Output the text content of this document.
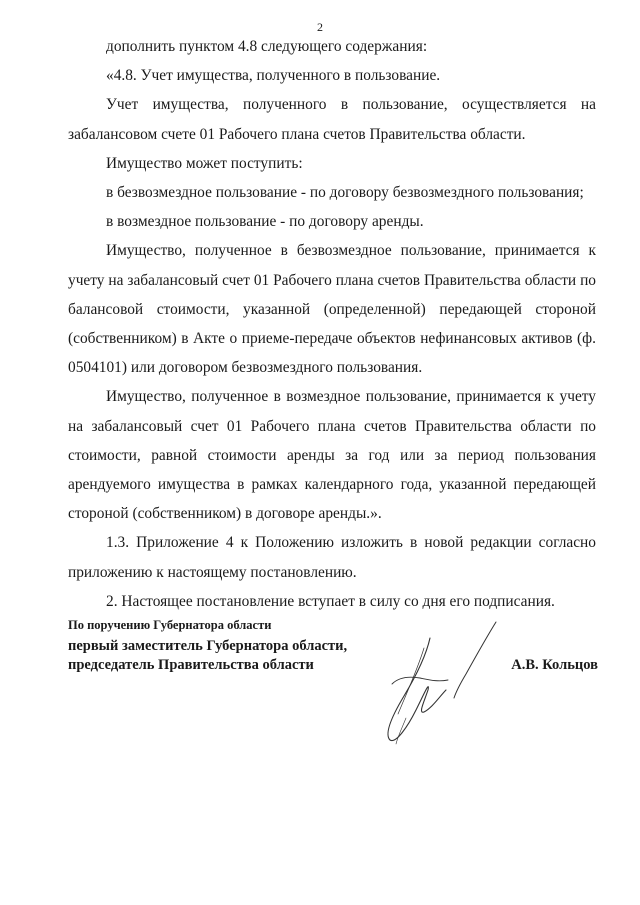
2

дополнить пунктом 4.8 следующего содержания:

«4.8. Учет имущества, полученного в пользование.

Учет имущества, полученного в пользование, осуществляется на забалансовом счете 01 Рабочего плана счетов Правительства области.

Имущество может поступить:

в безвозмездное пользование - по договору безвозмездного пользования;

в возмездное пользование - по договору аренды.

Имущество, полученное в безвозмездное пользование, принимается к учету на забалансовый счет 01 Рабочего плана счетов Правительства области по балансовой стоимости, указанной (определенной) передающей стороной (собственником) в Акте о приеме-передаче объектов нефинансовых активов (ф. 0504101) или договором безвозмездного пользования.

Имущество, полученное в возмездное пользование, принимается к учету на забалансовый счет 01 Рабочего плана счетов Правительства области по стоимости, равной стоимости аренды за год или за период пользования арендуемого имущества в рамках календарного года, указанной передающей стороной (собственником) в договоре аренды.».

1.3. Приложение 4 к Положению изложить в новой редакции согласно приложению к настоящему постановлению.

2. Настоящее постановление вступает в силу со дня его подписания.

По поручению Губернатора области
первый заместитель Губернатора области,
председатель Правительства области	А.В. Кольцов
